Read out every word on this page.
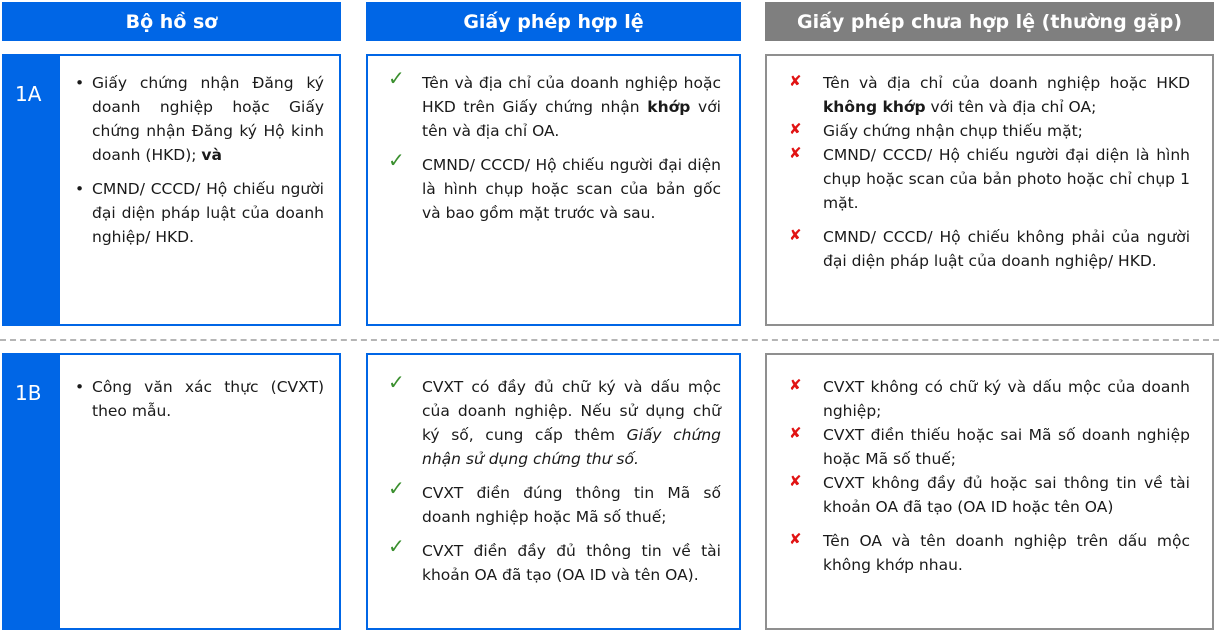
Bộ hồ sơ	Giấy phép hợp lệ	Giấy phép chưa hợp lệ (thường gặp)
1A	• Giấy chứng nhận Đăng ký doanh nghiệp hoặc Giấy chứng nhận Đăng ký Hộ kinh doanh (HKD); và
• CMND/ CCCD/ Hộ chiếu người đại diện pháp luật của doanh nghiệp/ HKD.
✓ Tên và địa chỉ của doanh nghiệp hoặc HKD trên Giấy chứng nhận khớp với tên và địa chỉ OA.
✓ CMND/ CCCD/ Hộ chiếu người đại diện là hình chụp hoặc scan của bản gốc và bao gồm mặt trước và sau.
✘ Tên và địa chỉ của doanh nghiệp hoặc HKD không khớp với tên và địa chỉ OA;
✘ Giấy chứng nhận chụp thiếu mặt;
✘ CMND/ CCCD/ Hộ chiếu người đại diện là hình chụp hoặc scan của bản photo hoặc chỉ chụp 1 mặt.
✘ CMND/ CCCD/ Hộ chiếu không phải của người đại diện pháp luật của doanh nghiệp/ HKD.
1B	• Công văn xác thực (CVXT) theo mẫu.
✓ CVXT có đầy đủ chữ ký và dấu mộc của doanh nghiệp. Nếu sử dụng chữ ký số, cung cấp thêm Giấy chứng nhận sử dụng chứng thư số.
✓ CVXT điền đúng thông tin Mã số doanh nghiệp hoặc Mã số thuế;
✓ CVXT điền đầy đủ thông tin về tài khoản OA đã tạo (OA ID và tên OA).
✘ CVXT không có chữ ký và dấu mộc của doanh nghiệp;
✘ CVXT điền thiếu hoặc sai Mã số doanh nghiệp hoặc Mã số thuế;
✘ CVXT không đầy đủ hoặc sai thông tin về tài khoản OA đã tạo (OA ID hoặc tên OA)
✘ Tên OA và tên doanh nghiệp trên dấu mộc không khớp nhau.
